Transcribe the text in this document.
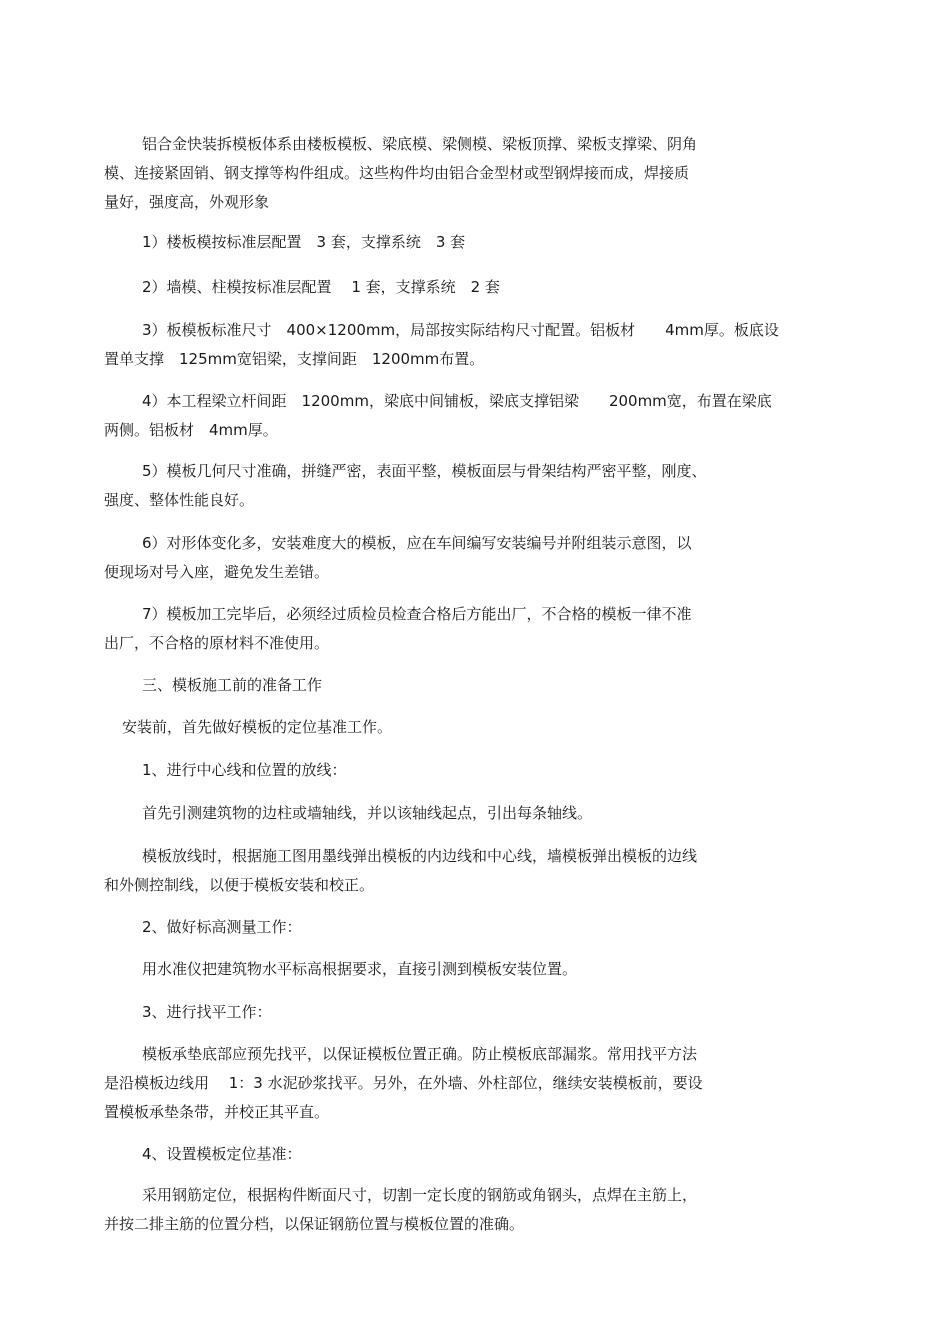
铝合金快装拆模板体系由楼板模板、梁底模、梁侧模、梁板顶撑、梁板支撑梁、阴角
模、连接紧固销、钢支撑等构件组成。这些构件均由铝合金型材或型钢焊接而成，焊接质
量好，强度高，外观形象
1）楼板模按标准层配置　3 套，支撑系统　3 套
2）墙模、柱模按标准层配置　 1 套，支撑系统　2 套
3）板模板标准尺寸　400×1200mm，局部按实际结构尺寸配置。铝板材　　4mm厚。板底设
置单支撑　125mm宽铝梁，支撑间距　1200mm布置。
4）本工程梁立杆间距　1200mm，梁底中间铺板，梁底支撑铝梁　　200mm宽，布置在梁底
两侧。铝板材　4mm厚。
5）模板几何尺寸准确，拼缝严密，表面平整，模板面层与骨架结构严密平整，刚度、
强度、整体性能良好。
6）对形体变化多，安装难度大的模板，应在车间编写安装编号并附组装示意图，以
便现场对号入座，避免发生差错。
7）模板加工完毕后，必须经过质检员检查合格后方能出厂，不合格的模板一律不准
出厂，不合格的原材料不准使用。
三、模板施工前的准备工作
安装前，首先做好模板的定位基准工作。
1、进行中心线和位置的放线：
首先引测建筑物的边柱或墙轴线，并以该轴线起点，引出每条轴线。
模板放线时，根据施工图用墨线弹出模板的内边线和中心线，墙模板弹出模板的边线
和外侧控制线，以便于模板安装和校正。
2、做好标高测量工作：
用水准仪把建筑物水平标高根据要求，直接引测到模板安装位置。
3、进行找平工作：
模板承垫底部应预先找平，以保证模板位置正确。防止模板底部漏浆。常用找平方法
是沿模板边线用　 1：3 水泥砂浆找平。另外，在外墙、外柱部位，继续安装模板前，要设
置模板承垫条带，并校正其平直。
4、设置模板定位基准：
采用钢筋定位，根据构件断面尺寸，切割一定长度的钢筋或角钢头，点焊在主筋上，
并按二排主筋的位置分档，以保证钢筋位置与模板位置的准确。
